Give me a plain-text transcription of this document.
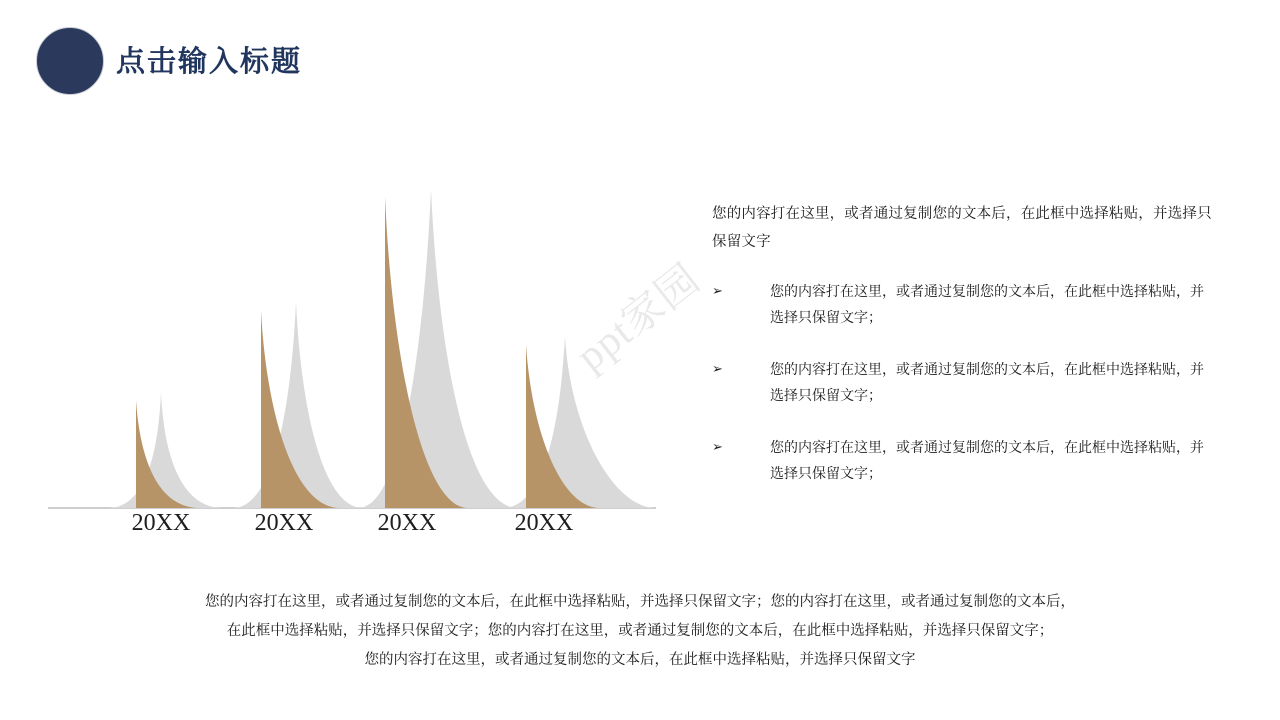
点击输入标题
20XX	20XX	20XX	20XX
ppt家园
您的内容打在这里，或者通过复制您的文本后，在此框中选择粘贴，并选择只保留文字
➢	您的内容打在这里，或者通过复制您的文本后，在此框中选择粘贴，并选择只保留文字；
➢	您的内容打在这里，或者通过复制您的文本后，在此框中选择粘贴，并选择只保留文字；
➢	您的内容打在这里，或者通过复制您的文本后，在此框中选择粘贴，并选择只保留文字；
您的内容打在这里，或者通过复制您的文本后，在此框中选择粘贴，并选择只保留文字；您的内容打在这里，或者通过复制您的文本后，
在此框中选择粘贴，并选择只保留文字；您的内容打在这里，或者通过复制您的文本后，在此框中选择粘贴，并选择只保留文字；
您的内容打在这里，或者通过复制您的文本后，在此框中选择粘贴，并选择只保留文字
